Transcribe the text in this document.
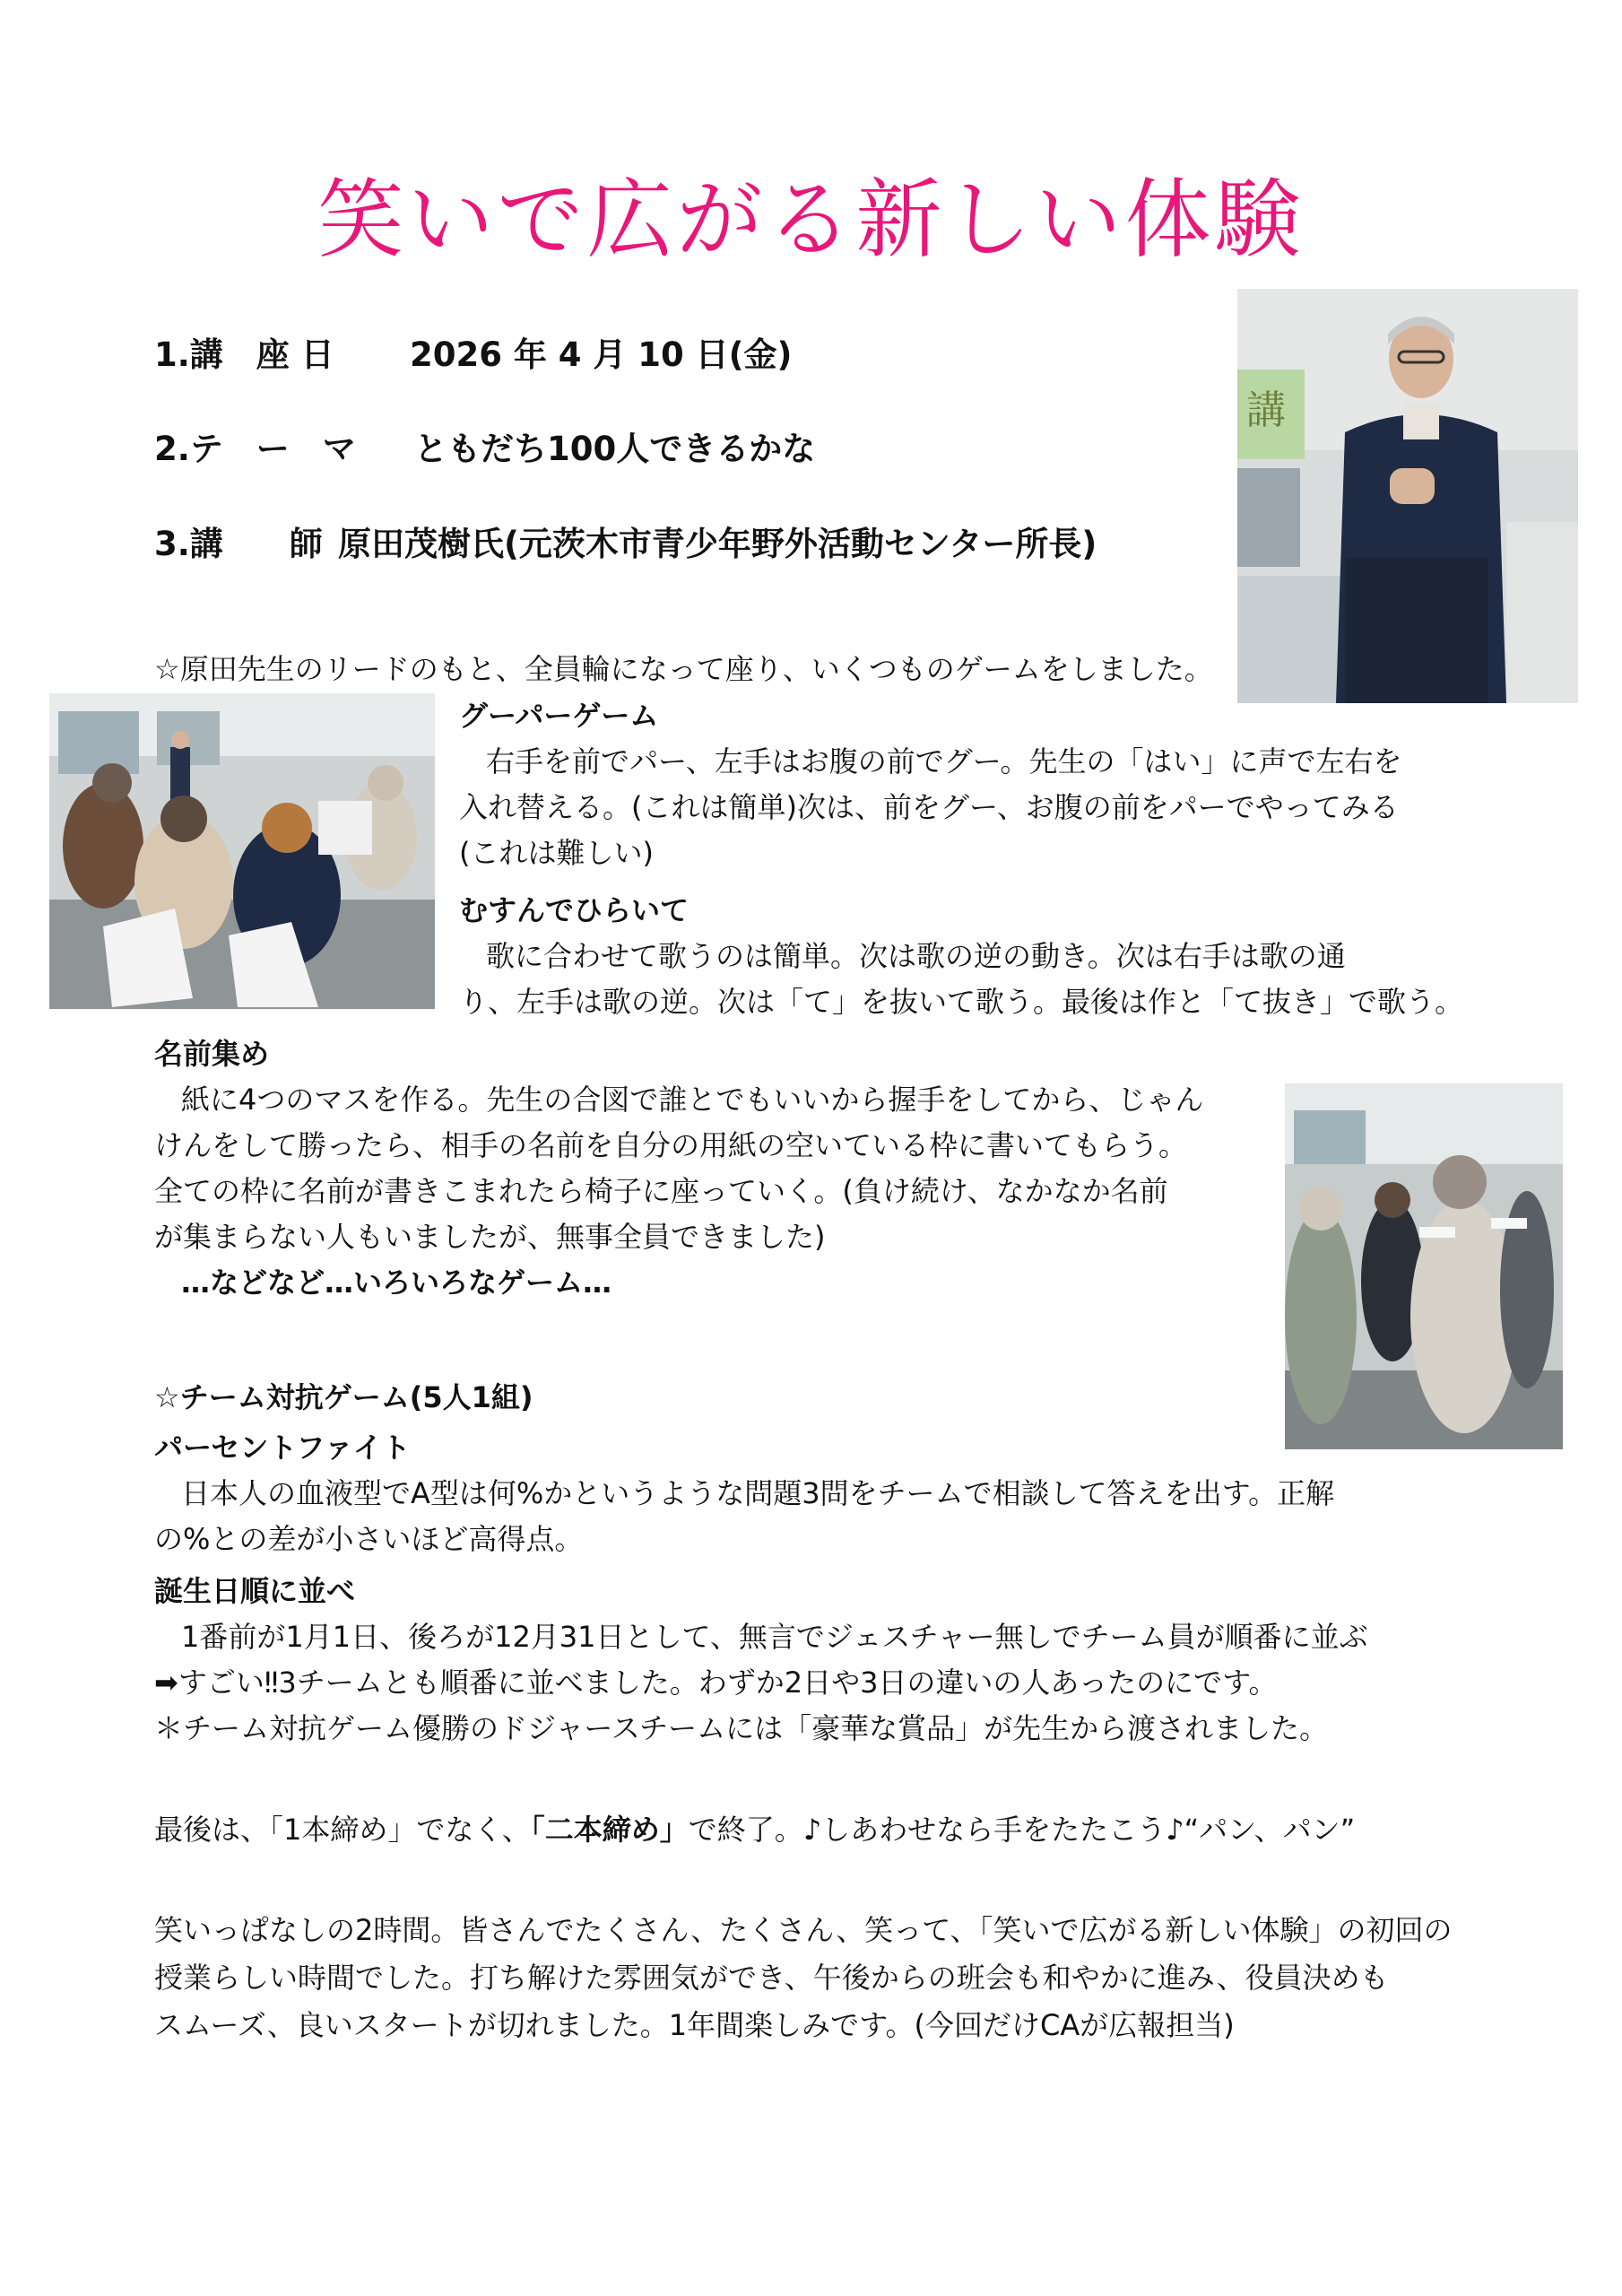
笑いで広がる新しい体験
1.講　座 日 2026 年 4 月 10 日(金)
2.テ　ー　マ ともだち100人できるかな
3.講　　師 原田茂樹氏(元茨木市青少年野外活動センター所長)
講
☆原田先生のリードのもと、全員輪になって座り、いくつものゲームをしました。
グーパーゲーム
右手を前でパー、左手はお腹の前でグー。先生の「はい」に声で左右を
入れ替える。(これは簡単)次は、前をグー、お腹の前をパーでやってみる
(これは難しい)
むすんでひらいて
歌に合わせて歌うのは簡単。次は歌の逆の動き。次は右手は歌の通
り、左手は歌の逆。次は「て」を抜いて歌う。最後は作と「て抜き」で歌う。
名前集め
紙に4つのマスを作る。先生の合図で誰とでもいいから握手をしてから、じゃん
けんをして勝ったら、相手の名前を自分の用紙の空いている枠に書いてもらう。
全ての枠に名前が書きこまれたら椅子に座っていく。(負け続け、なかなか名前
が集まらない人もいましたが、無事全員できました)
…などなど…いろいろなゲーム…
☆チーム対抗ゲーム(5人1組)
パーセントファイト
日本人の血液型でA型は何%かというような問題3問をチームで相談して答えを出す。正解
の%との差が小さいほど高得点。
誕生日順に並べ
1番前が1月1日、後ろが12月31日として、無言でジェスチャー無しでチーム員が順番に並ぶ
➡すごい‼3チームとも順番に並べました。わずか2日や3日の違いの人あったのにです。
＊チーム対抗ゲーム優勝のドジャースチームには「豪華な賞品」が先生から渡されました。
最後は、「1本締め」でなく、「二本締め」で終了。♪しあわせなら手をたたこう♪“パン、パン”
笑いっぱなしの2時間。皆さんでたくさん、たくさん、笑って、「笑いで広がる新しい体験」の初回の
授業らしい時間でした。打ち解けた雰囲気ができ、午後からの班会も和やかに進み、役員決めも
スムーズ、良いスタートが切れました。1年間楽しみです。(今回だけCAが広報担当)
